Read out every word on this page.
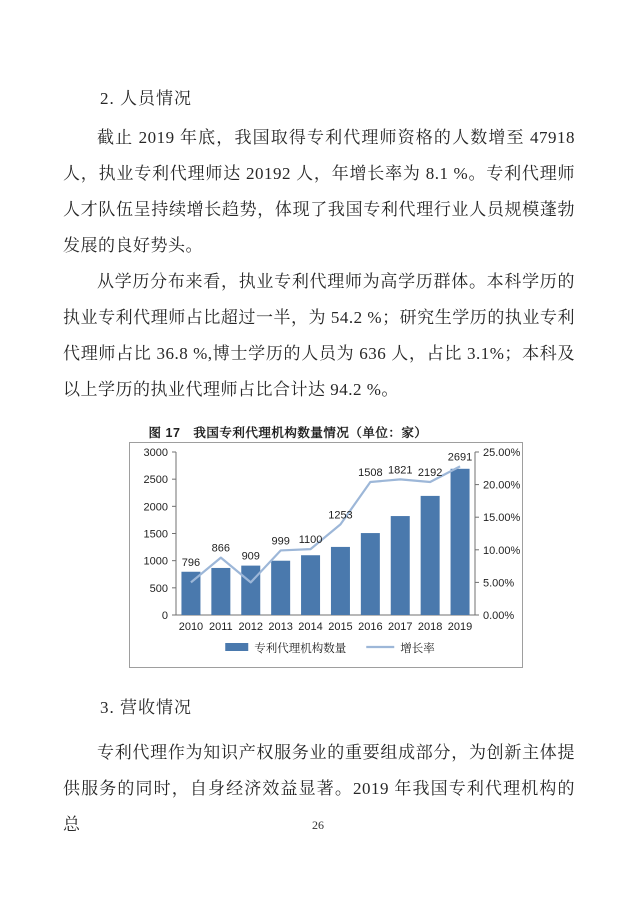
2. 人员情况

截止 2019 年底，我国取得专利代理师资格的人数增至 47918 人，执业专利代理师达 20192 人，年增长率为 8.1 %。专利代理师人才队伍呈持续增长趋势，体现了我国专利代理行业人员规模蓬勃发展的良好势头。

从学历分布来看，执业专利代理师为高学历群体。本科学历的执业专利代理师占比超过一半，为 54.2 %；研究生学历的执业专利代理师占比 36.8 %,博士学历的人员为 636 人，占比 3.1%；本科及以上学历的执业代理师占比合计达 94.2 %。

图 17　我国专利代理机构数量情况（单位：家）
0
500
1000
1500
2000
2500
3000
0.00%
5.00%
10.00%
15.00%
20.00%
25.00%
2010 2011 2012 2013 2014 2015 2016 2017 2018 2019
796
866
909
999 1100
1253
1508 1821 2192
2691
专利代理机构数量	增长率
3. 营收情况

专利代理作为知识产权服务业的重要组成部分，为创新主体提供服务的同时，自身经济效益显著。2019 年我国专利代理机构的总	26
